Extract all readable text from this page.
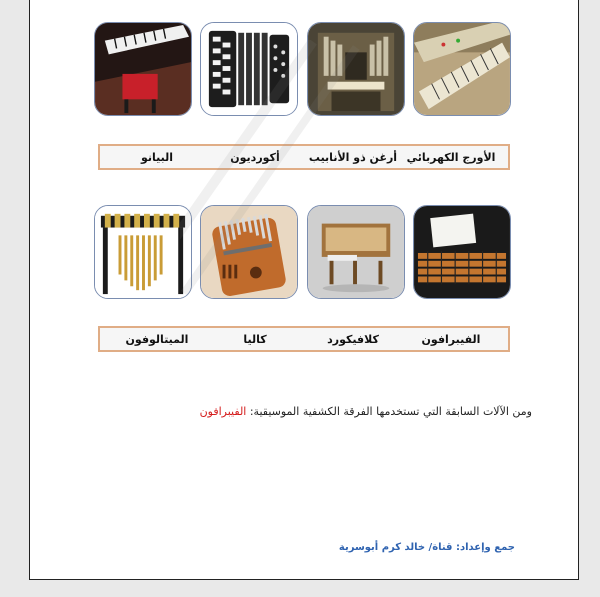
الأورج الكهربائي
أرغن ذو الأنابيب
أكورديون
البيانو
الفيبرافون
كلافيكورد
كاليا
الميتالوفون
ومن الآلات السابقة التي تستخدمها الفرقة الكشفية الموسيقية: الفيبرافون
جمع وإعداد: قناة/ خالد كرم أبوسرية
